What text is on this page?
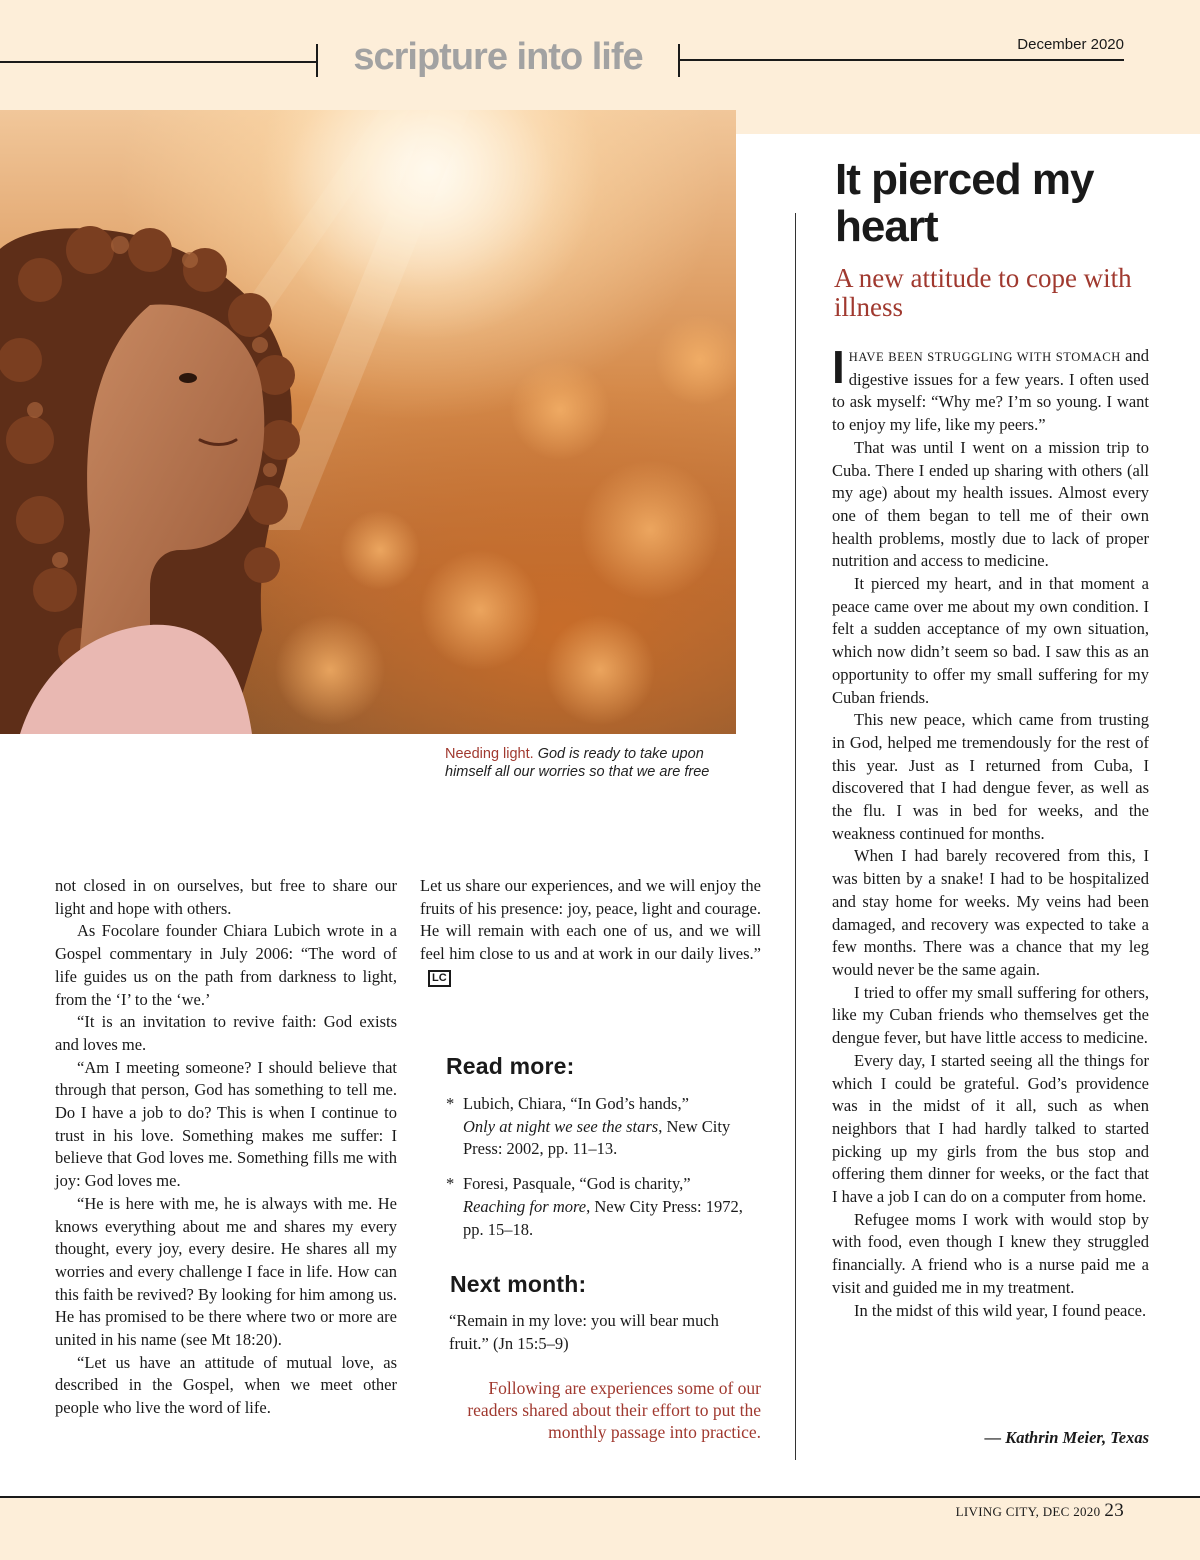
scripture into life	December 2020
Needing light. God is ready to take upon himself all our worries so that we are free

not closed in on ourselves, but free to share our light and hope with others.

As Focolare founder Chiara Lubich wrote in a Gospel commentary in July 2006: “The word of life guides us on the path from darkness to light, from the ‘I’ to the ‘we.’

“It is an invitation to revive faith: God exists and loves me.

“Am I meeting someone? I should believe that through that person, God has something to tell me. Do I have a job to do? This is when I continue to trust in his love. Something makes me suffer: I believe that God loves me. Something fills me with joy: God loves me.

“He is here with me, he is always with me. He knows everything about me and shares my every thought, every joy, every desire. He shares all my worries and every challenge I face in life. How can this faith be revived? By looking for him among us. He has promised to be there where two or more are united in his name (see Mt 18:20).

“Let us have an attitude of mutual love, as described in the Gospel, when we meet other people who live the word of life.

Let us share our experiences, and we will enjoy the fruits of his presence: joy, peace, light and courage. He will remain with each one of us, and we will feel him close to us and at work in our daily lives.”LC

Read more:
* Lubich, Chiara, “In God’s hands,”
Only at night we see the stars, New City Press: 2002, pp. 11–13.
* Foresi, Pasquale, “God is charity,”
Reaching for more, New City Press: 1972, pp. 15–18.
Next month:
“Remain in my love: you will bear much fruit.” (Jn 15:5–9)
Following are experiences some of our readers shared about their effort to put the monthly passage into practice.
It pierced my heart
A new attitude to cope with illness

IHAVE BEEN STRUGGLING WITH STOMACH and digestive issues for a few years. I often used to ask myself: “Why me? I’m so young. I want to enjoy my life, like my peers.”

That was until I went on a mission trip to Cuba. There I ended up sharing with others (all my age) about my health issues. Almost every one of them began to tell me of their own health problems, mostly due to lack of proper nutrition and access to medicine.

It pierced my heart, and in that moment a peace came over me about my own condition. I felt a sudden acceptance of my own situation, which now didn’t seem so bad. I saw this as an opportunity to offer my small suffering for my Cuban friends.

This new peace, which came from trusting in God, helped me tremendously for the rest of this year. Just as I returned from Cuba, I discovered that I had dengue fever, as well as the flu. I was in bed for weeks, and the weakness continued for months.

When I had barely recovered from this, I was bitten by a snake! I had to be hospitalized and stay home for weeks. My veins had been damaged, and recovery was expected to take a few months. There was a chance that my leg would never be the same again.

I tried to offer my small suffering for others, like my Cuban friends who themselves get the dengue fever, but have little access to medicine.

Every day, I started seeing all the things for which I could be grateful. God’s providence was in the midst of it all, such as when neighbors that I had hardly talked to started picking up my girls from the bus stop and offering them dinner for weeks, or the fact that I have a job I can do on a computer from home.

Refugee moms I work with would stop by with food, even though I knew they struggled financially. A friend who is a nurse paid me a visit and guided me in my treatment.

In the midst of this wild year, I found peace.

— Kathrin Meier, Texas
LIVING CITY, DEC 2020 23
